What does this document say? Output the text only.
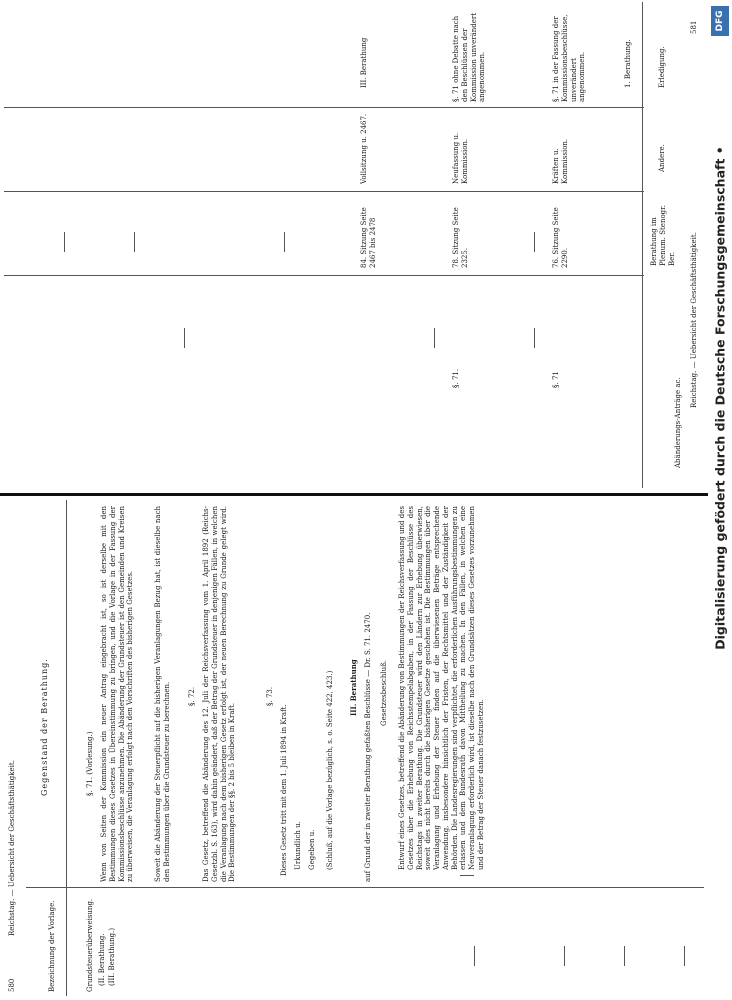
DFG
Digitalisierung gefödert durch die Deutsche Forschungsgemeinschaft •
581
Reichstag. — Uebersicht der Geschäftsthätigkeit.
Abänderungs-Anträge ac.
Berathung im Plenum. Stenogr. Ber.
Andere.
Erledigung.
1. Berathung.
§. 71
76. Sitzung Seite 2290.
Kräften u. Kommission.
§. 71 in der Fassung der Kommissionsbeschlüsse, unverändert angenommen.
§. 71.
78. Sitzung Seite 2325.
Neufassung u. Kommission.
§. 71 ohne Debatte nach den Beschlüssen der Kommission unverändert angenommen.
84. Sitzung Seite 2467 bis 2478
Vollsitzung u. 2467.
III. Berathung
580
Reichstag. — Uebersicht der Geschäftsthätigkeit.
Bezeichnung der Vorlage.
Gegenstand der Berathung.
Grundsteuerüberweisung. (II. Berathung. (III. Berathung.)
§. 71. (Vorlesung.) Wenn von Seiten der Kommission ein neuer Antrag eingebracht ist, so ist derselbe mit den Bestimmungen dieses Gesetzes in Übereinstimmung zu bringen, und die Vorlage in der Fassung der Kommissionsbeschlüsse anzunehmen. Die Abänderung der Grundsteuer ist den Gemeinden und Kreisen zu überweisen, die Veranlagung erfolgt nach den Vorschriften des bisherigen Gesetzes.	Soweit die Abänderung der Steuerpflicht auf die bisherigen Veranlagungen Bezug hat, ist dieselbe nach den Bestimmungen über die Grundsteuer zu berechnen. §. 72. Das Gesetz, betreffend die Abänderung des 12. Juli der Reichsverfassung vom 1. April 1892 (Reichs-Gesetzbl. S. 163), wird dahin geändert, daß der Betrag der Grundsteuer in denjenigen Fällen, in welchen die Veranlagung nach dem bisherigen Gesetz erfolgt ist, der neuen Berechnung zu Grunde gelegt wird. Die Bestimmungen der §§. 2 bis 5 bleiben in Kraft.

§. 73.
Dieses Gesetz tritt mit dem 1. Juli 1894 in Kraft. Urkundlich u. Gegeben u. (Schluß, auf die Vorlage bezüglich, s. o. Seite 422, 423.) III. Berathung auf Grund der in zweiter Berathung gefaßten Beschlüsse — Dr. S. 71. 2470. Gesetzesbeschluß. Entwurf eines Gesetzes, betreffend die Abänderung von Bestimmungen der Reichsverfassung und des Gesetzes über die Erhebung von Reichsstempelabgaben, in der Fassung der Beschlüsse des Reichstags in zweiter Berathung. Die Grundsteuer wird den Ländern zur Erhebung überwiesen, soweit dies nicht bereits durch die bisherigen Gesetze geschehen ist. Die Bestimmungen über die Veranlagung und Erhebung der Steuer finden auf die überwiesenen Beträge entsprechende Anwendung, insbesondere hinsichtlich der Fristen, der Rechtsmittel und der Zuständigkeit der Behörden. Die Landesregierungen sind verpflichtet, die erforderlichen Ausführungsbestimmungen zu erlassen und dem Bundesrath davon Mittheilung zu machen. In den Fällen, in welchen eine Neuveranlagung erforderlich wird, ist dieselbe nach den Grundsätzen dieses Gesetzes vorzunehmen und der Betrag der Steuer danach festzusetzen.
